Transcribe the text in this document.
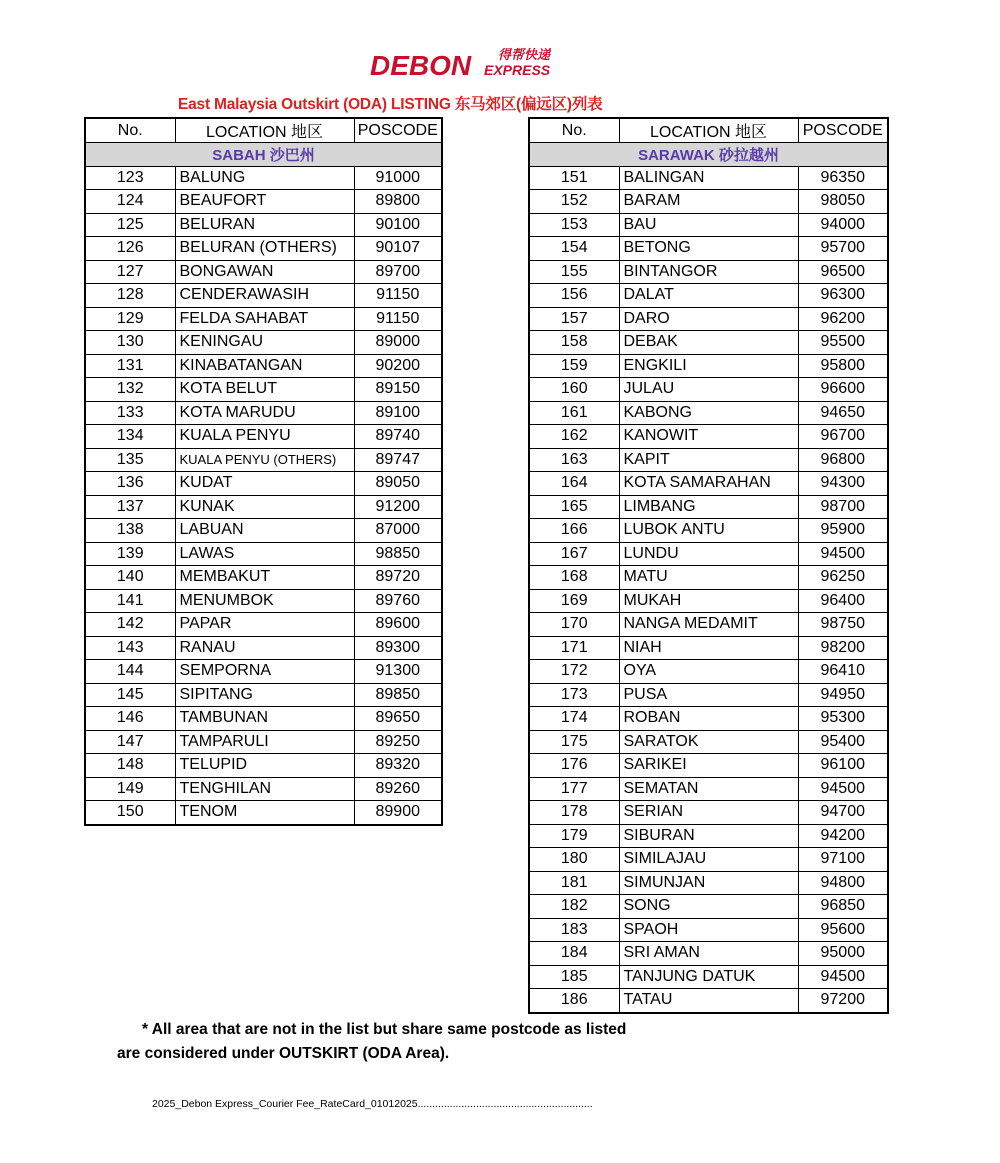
DEBON EXPRESS
得帮快递
East Malaysia Outskirt (ODA) LISTING 东马郊区(偏远区)列表
No.	LOCATION 地区	POSCODE
SABAH 沙巴州		
123	BALUNG	91000
124	BEAUFORT	89800
125	BELURAN	90100
126	BELURAN (OTHERS)	90107
127	BONGAWAN	89700
128	CENDERAWASIH	91150
129	FELDA SAHABAT	91150
130	KENINGAU	89000
131	KINABATANGAN	90200
132	KOTA BELUT	89150
133	KOTA MARUDU	89100
134	KUALA PENYU	89740
135	KUALA PENYU (OTHERS)	89747
136	KUDAT	89050
137	KUNAK	91200
138	LABUAN	87000
139	LAWAS	98850
140	MEMBAKUT	89720
141	MENUMBOK	89760
142	PAPAR	89600
143	RANAU	89300
144	SEMPORNA	91300
145	SIPITANG	89850
146	TAMBUNAN	89650
147	TAMPARULI	89250
148	TELUPID	89320
149	TENGHILAN	89260
150	TENOM	89900
No.	LOCATION 地区	POSCODE
SARAWAK 砂拉越州		
151	BALINGAN	96350
152	BARAM	98050
153	BAU	94000
154	BETONG	95700
155	BINTANGOR	96500
156	DALAT	96300
157	DARO	96200
158	DEBAK	95500
159	ENGKILI	95800
160	JULAU	96600
161	KABONG	94650
162	KANOWIT	96700
163	KAPIT	96800
164	KOTA SAMARAHAN	94300
165	LIMBANG	98700
166	LUBOK ANTU	95900
167	LUNDU	94500
168	MATU	96250
169	MUKAH	96400
170	NANGA MEDAMIT	98750
171	NIAH	98200
172	OYA	96410
173	PUSA	94950
174	ROBAN	95300
175	SARATOK	95400
176	SARIKEI	96100
177	SEMATAN	94500
178	SERIAN	94700
179	SIBURAN	94200
180	SIMILAJAU	97100
181	SIMUNJAN	94800
182	SONG	96850
183	SPAOH	95600
184	SRI AMAN	95000
185	TANJUNG DATUK	94500
186	TATAU	97200
* All area that are not in the list but share same postcode as listed
are considered under OUTSKIRT (ODA Area).
2025_Debon Express_Courier Fee_RateCard_01012025............................................................
